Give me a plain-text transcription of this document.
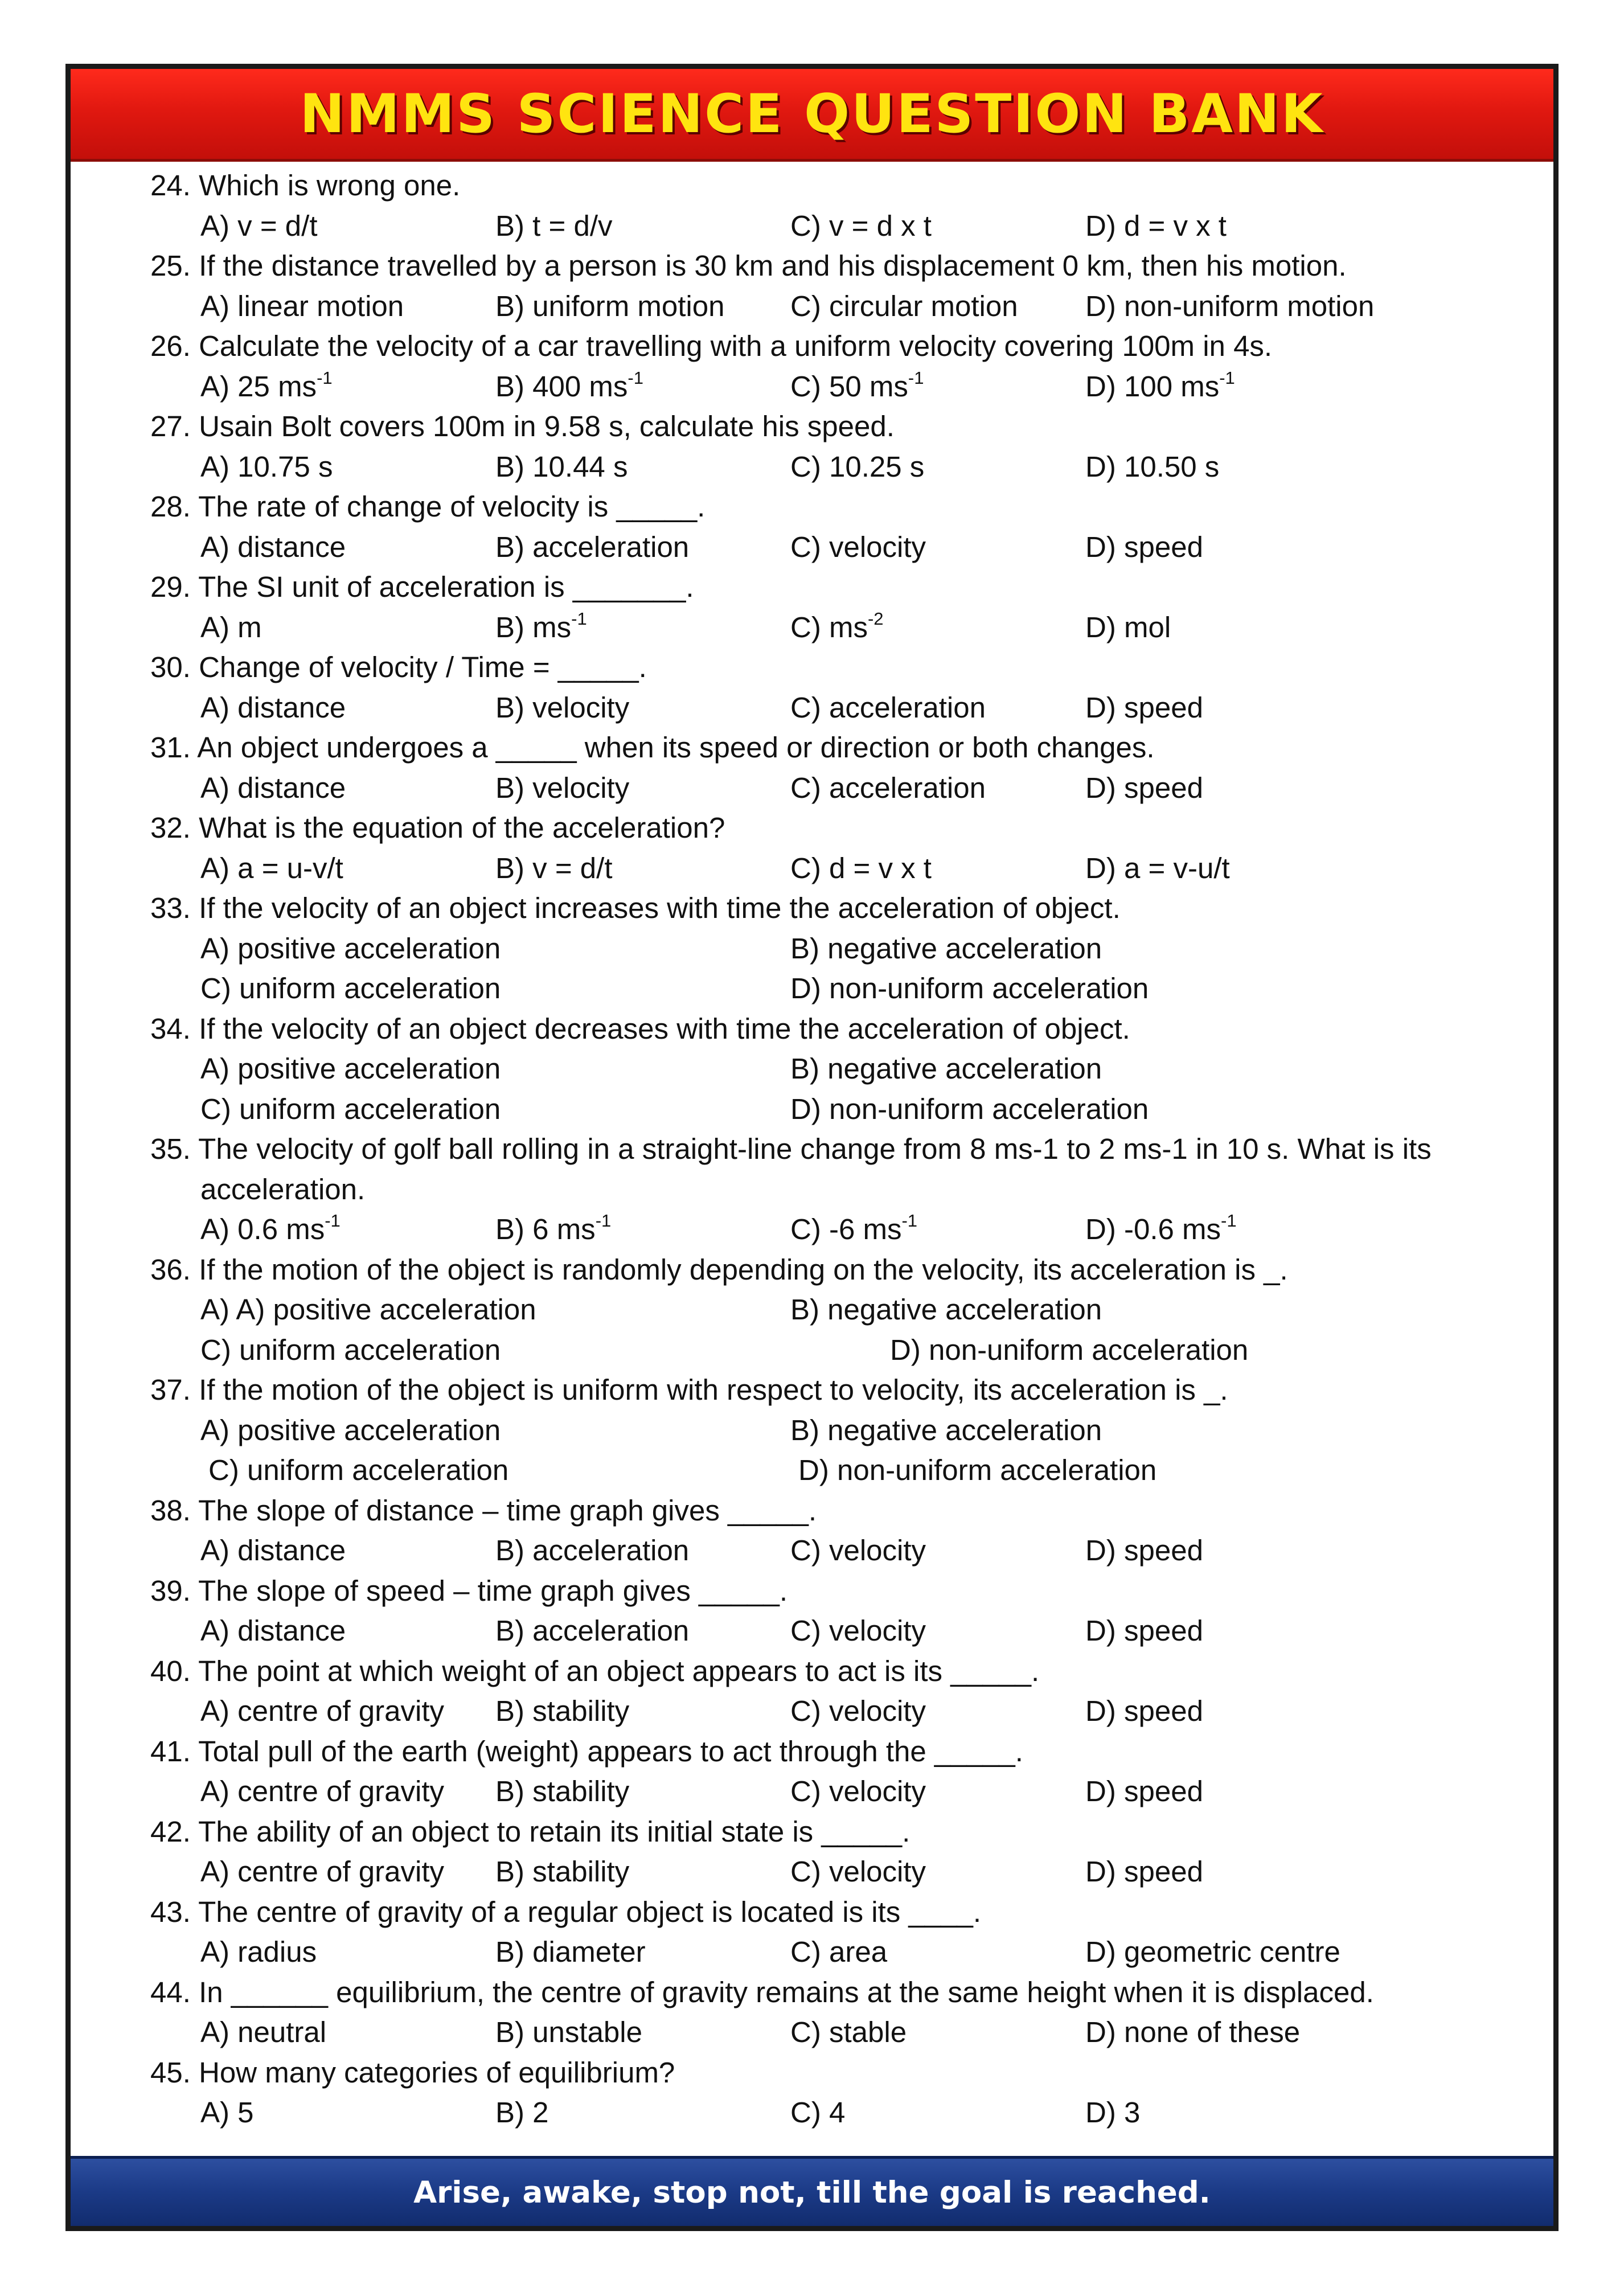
NMMS SCIENCE QUESTION BANK
24. Which is wrong one.
A) v = d/t	B) t = d/v	C) v = d x t	D) d = v x t
25. If the distance travelled by a person is 30 km and his displacement 0 km, then his motion.
A) linear motion	B) uniform motion	C) circular motion	D) non-uniform motion
26. Calculate the velocity of a car travelling with a uniform velocity covering 100m in 4s.
A) 25 $ms^{-1}$	B) 400 $ms^{-1}$	C) 50 $ms^{-1}$	D) 100 $ms^{-1}$
27. Usain Bolt covers 100m in 9.58 s, calculate his speed.
A) 10.75 s	B) 10.44 s	C) 10.25 s	D) 10.50 s
28. The rate of change of velocity is _____.
A) distance	B) acceleration	C) velocity	D) speed
29. The SI unit of acceleration is _______.
A) m	B) $ms^{-1}$	C) $ms^{-2}$	D) mol
30. Change of velocity / Time = _____.
A) distance	B) velocity	C) acceleration	D) speed
31. An object undergoes a _____ when its speed or direction or both changes.
A) distance	B) velocity	C) acceleration	D) speed
32. What is the equation of the acceleration?
A) a = u-v/t	B) v = d/t	C) d = v x t	D) a = v-u/t
33. If the velocity of an object increases with time the acceleration of object.
A) positive acceleration	B) negative acceleration
C) uniform acceleration	D) non-uniform acceleration
34. If the velocity of an object decreases with time the acceleration of object.
A) positive acceleration	B) negative acceleration
C) uniform acceleration	D) non-uniform acceleration
35. The velocity of golf ball rolling in a straight-line change from 8 ms-1 to 2 ms-1 in 10 s. What is its
acceleration.
A) 0.6 $ms^{-1}$	B) 6 $ms^{-1}$	C) -6 $ms^{-1}$	D) -0.6 $ms^{-1}$
36. If the motion of the object is randomly depending on the velocity, its acceleration is _.
A) A) positive acceleration	B) negative acceleration
C) uniform acceleration	D) non-uniform acceleration
37. If the motion of the object is uniform with respect to velocity, its acceleration is _.
A) positive acceleration	B) negative acceleration
C) uniform acceleration	D) non-uniform acceleration
38. The slope of distance – time graph gives _____.
A) distance	B) acceleration	C) velocity	D) speed
39. The slope of speed – time graph gives _____.
A) distance	B) acceleration	C) velocity	D) speed
40. The point at which weight of an object appears to act is its _____.
A) centre of gravity	B) stability	C) velocity	D) speed
41. Total pull of the earth (weight) appears to act through the _____.
A) centre of gravity	B) stability	C) velocity	D) speed
42. The ability of an object to retain its initial state is _____.
A) centre of gravity	B) stability	C) velocity	D) speed
43. The centre of gravity of a regular object is located is its ____.
A) radius	B) diameter	C) area	D) geometric centre
44. In ______ equilibrium, the centre of gravity remains at the same height when it is displaced.
A) neutral	B) unstable	C) stable	D) none of these
45. How many categories of equilibrium?
A) 5	B) 2	C) 4	D) 3
Arise, awake, stop not, till the goal is reached.
